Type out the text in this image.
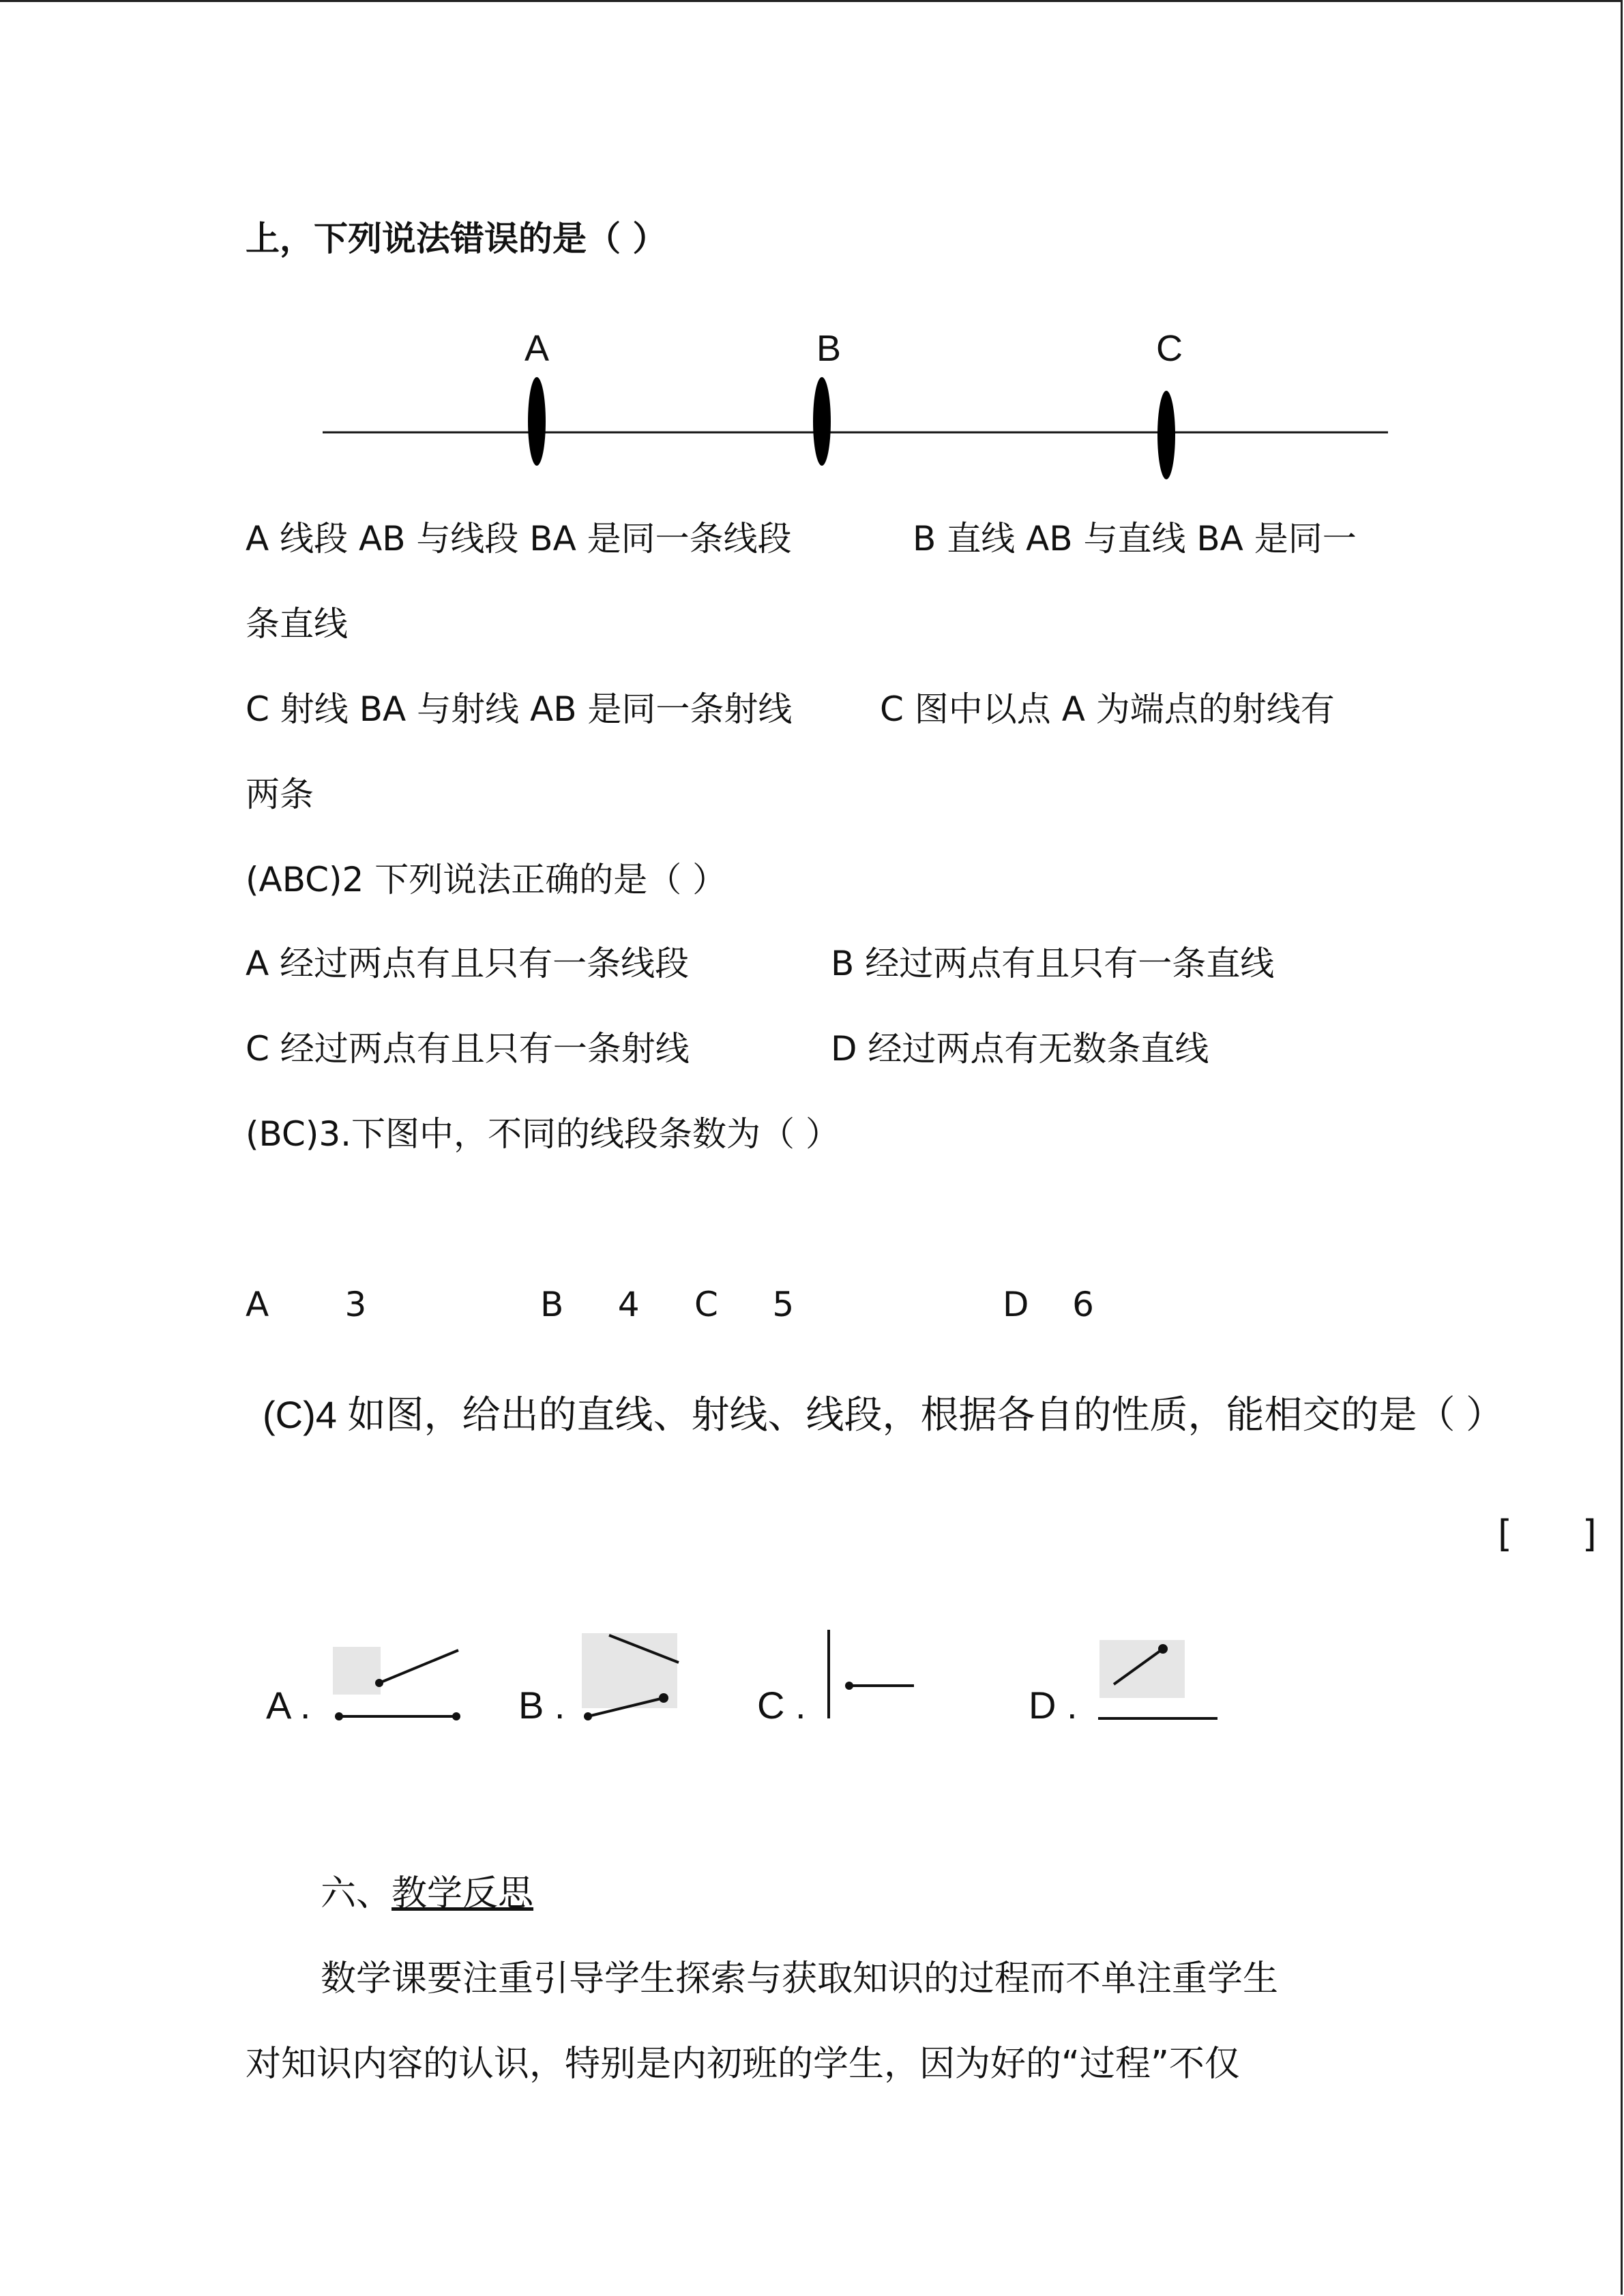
上，下列说法错误的是（ ）
A	B	C
A 线段 AB 与线段 BA 是同一条线段	B 直线 AB 与直线 BA 是同一
条直线
C 射线 BA 与射线 AB 是同一条射线	C 图中以点 A 为端点的射线有
两条
(ABC)2 下列说法正确的是（ ）
A 经过两点有且只有一条线段	B 经过两点有且只有一条直线
C 经过两点有且只有一条射线	D 经过两点有无数条直线
(BC)3.下图中，不同的线段条数为（ ）
A       3	B     4 C     5	D    6
(C)4 如图，给出的直线、射线、线段，根据各自的性质，能相交的是（ ）
[      ]
A .	B .	C .	D .
六、教学反思
数学课要注重引导学生探索与获取知识的过程而不单注重学生
对知识内容的认识，特别是内初班的学生，因为好的“过程”不仅
